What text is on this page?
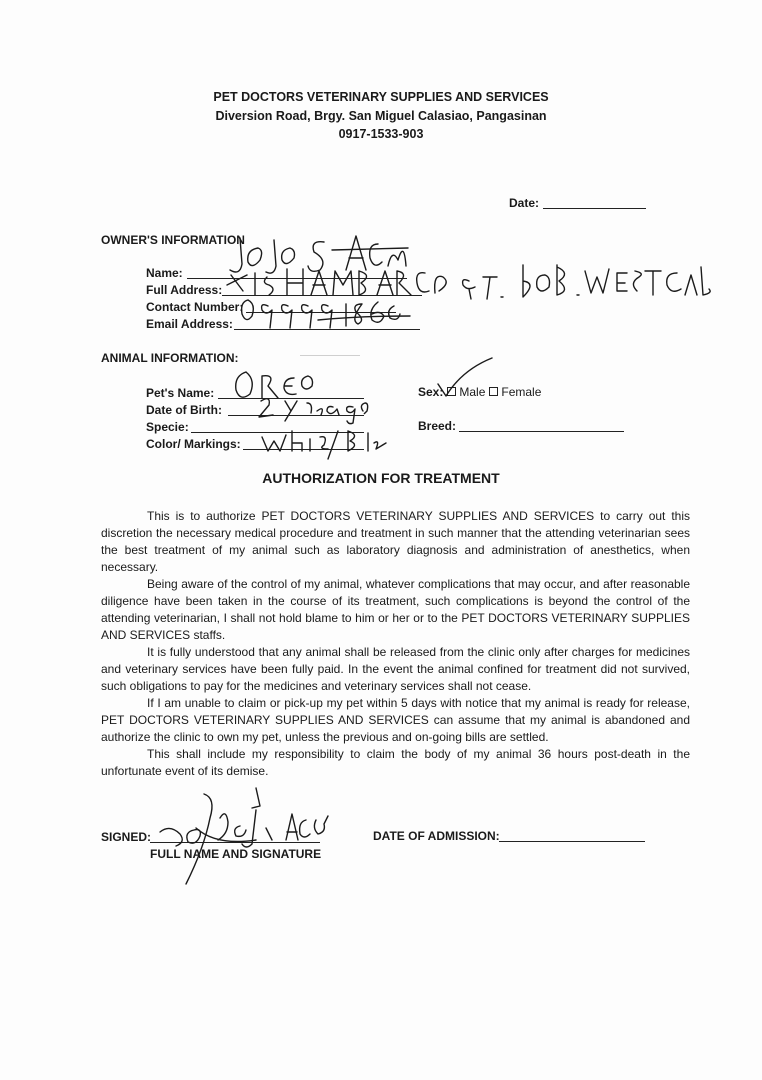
PET DOCTORS VETERINARY SUPPLIES AND SERVICES
Diversion Road, Brgy. San Miguel Calasiao, Pangasinan
0917-1533-903
Date:
OWNER'S INFORMATION
Name:
Full Address:
Contact Number:
Email Address:
ANIMAL INFORMATION:
Pet's Name:
Date of Birth:
Specie:
Color/ Markings:
Sex: Male Female
Breed:
AUTHORIZATION FOR TREATMENT

This is to authorize PET DOCTORS VETERINARY SUPPLIES AND SERVICES to carry out this discretion the necessary medical procedure and treatment in such manner that the attending veterinarian sees the best treatment of my animal such as laboratory diagnosis and administration of anesthetics, when necessary.

Being aware of the control of my animal, whatever complications that may occur, and after reasonable diligence have been taken in the course of its treatment, such complications is beyond the control of the attending veterinarian, I shall not hold blame to him or her or to the PET DOCTORS VETERINARY SUPPLIES AND SERVICES staffs.

It is fully understood that any animal shall be released from the clinic only after charges for medicines and veterinary services have been fully paid. In the event the animal confined for treatment did not survived, such obligations to pay for the medicines and veterinary services shall not cease.

If I am unable to claim or pick-up my pet within 5 days with notice that my animal is ready for release, PET DOCTORS VETERINARY SUPPLIES AND SERVICES can assume that my animal is abandoned and authorize the clinic to own my pet, unless the previous and on-going bills are settled.

This shall include my responsibility to claim the body of my animal 36 hours post-death in the unfortunate event of its demise.

SIGNED:
FULL NAME AND SIGNATURE
DATE OF ADMISSION:
